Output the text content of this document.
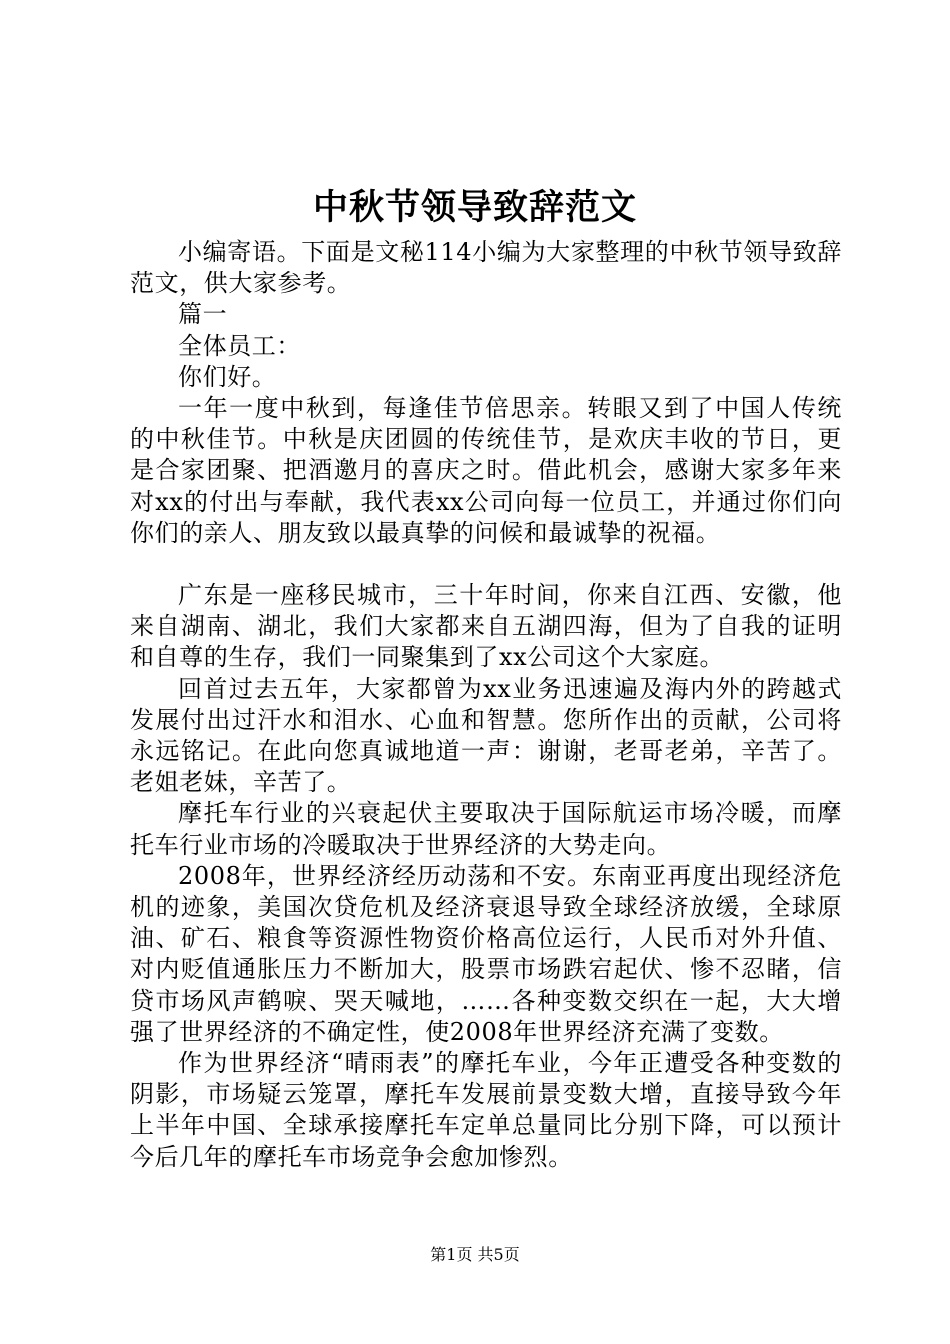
中秋节领导致辞范文

小编寄语。下面是文秘114小编为大家整理的中秋节领导致辞范文，供大家参考。

篇一

全体员工：

你们好。

一年一度中秋到，每逢佳节倍思亲。转眼又到了中国人传统的中秋佳节。中秋是庆团圆的传统佳节，是欢庆丰收的节日，更是合家团聚、把酒邀月的喜庆之时。借此机会，感谢大家多年来对xx的付出与奉献，我代表xx公司向每一位员工，并通过你们向你们的亲人、朋友致以最真挚的问候和最诚挚的祝福。

广东是一座移民城市，三十年时间，你来自江西、安徽，他来自湖南、湖北，我们大家都来自五湖四海，但为了自我的证明和自尊的生存，我们一同聚集到了xx公司这个大家庭。

回首过去五年，大家都曾为xx业务迅速遍及海内外的跨越式发展付出过汗水和泪水、心血和智慧。您所作出的贡献，公司将永远铭记。在此向您真诚地道一声：谢谢，老哥老弟，辛苦了。老姐老妹，辛苦了。

摩托车行业的兴衰起伏主要取决于国际航运市场冷暖，而摩托车行业市场的冷暖取决于世界经济的大势走向。

2008年，世界经济经历动荡和不安。东南亚再度出现经济危机的迹象，美国次贷危机及经济衰退导致全球经济放缓，全球原油、矿石、粮食等资源性物资价格高位运行，人民币对外升值、对内贬值通胀压力不断加大，股票市场跌宕起伏、惨不忍睹，信贷市场风声鹤唳、哭天喊地，……各种变数交织在一起，大大增强了世界经济的不确定性，使2008年世界经济充满了变数。

作为世界经济“晴雨表”的摩托车业，今年正遭受各种变数的阴影，市场疑云笼罩，摩托车发展前景变数大增，直接导致今年上半年中国、全球承接摩托车定单总量同比分别下降，可以预计今后几年的摩托车市场竞争会愈加惨烈。

第1页 共5页
